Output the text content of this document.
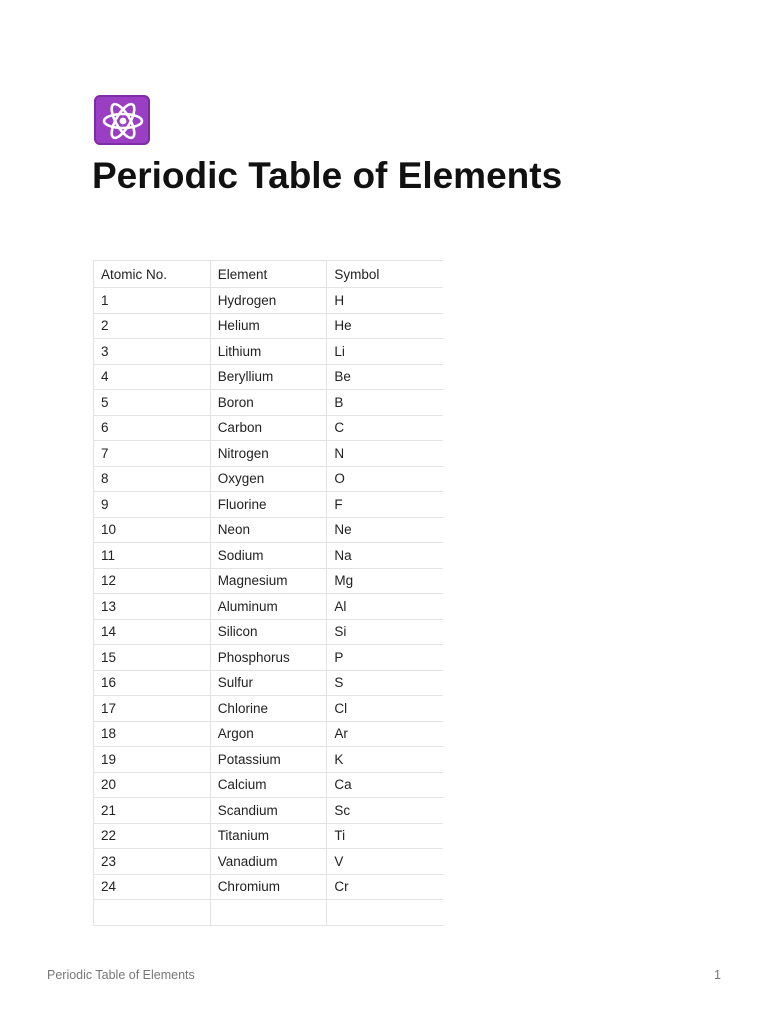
Periodic Table of Elements
Atomic No.	Element	Symbol
1	Hydrogen	H
2	Helium	He
3	Lithium	Li
4	Beryllium	Be
5	Boron	B
6	Carbon	C
7	Nitrogen	N
8	Oxygen	O
9	Fluorine	F
10	Neon	Ne
11	Sodium	Na
12	Magnesium	Mg
13	Aluminum	Al
14	Silicon	Si
15	Phosphorus	P
16	Sulfur	S
17	Chlorine	Cl
18	Argon	Ar
19	Potassium	K
20	Calcium	Ca
21	Scandium	Sc
22	Titanium	Ti
23	Vanadium	V
24	Chromium	Cr

Periodic Table of Elements	1
